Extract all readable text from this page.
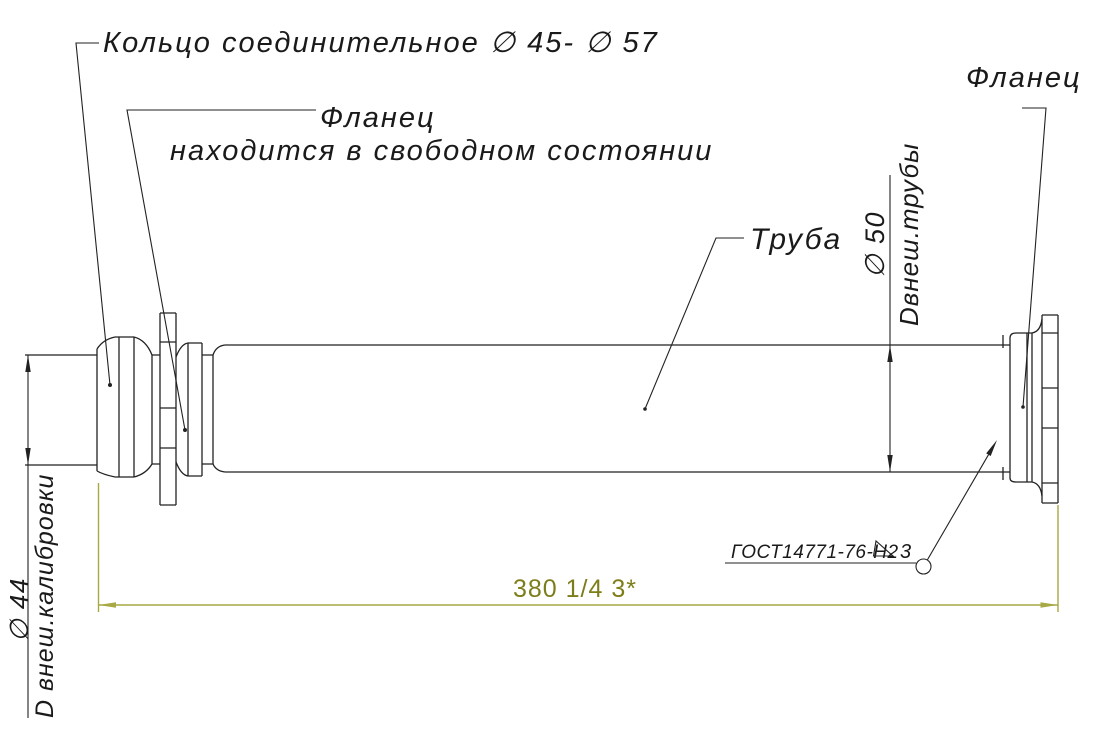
Кольцо соединительное ∅ 45- ∅ 57
Фланец
находится в свободном состоянии
Труба
Фланец
∅ 44
D внеш.калибровки
∅ 50 Dвнеш.трубы
380 1/4 3*
ГОСТ14771-76-Н2 3
